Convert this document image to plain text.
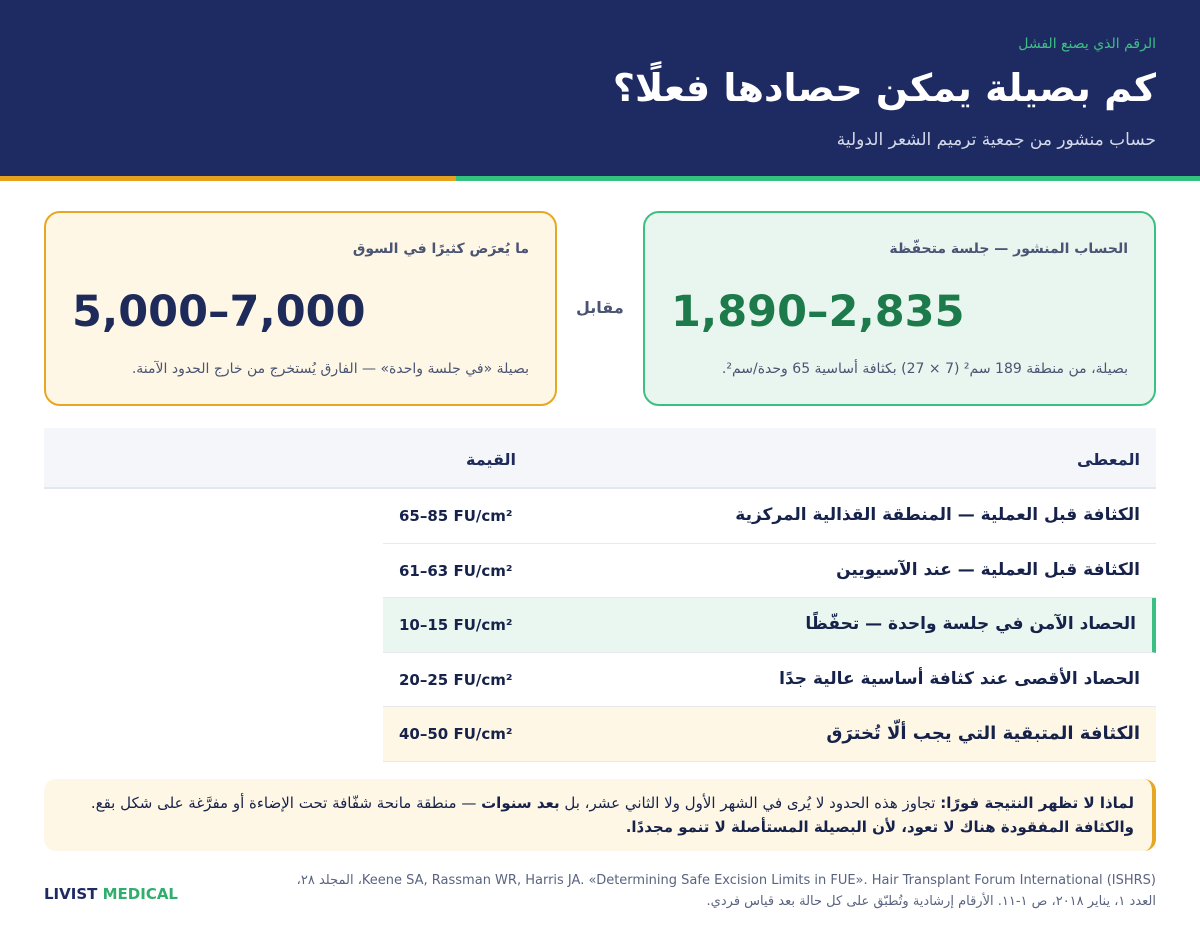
الرقم الذي يصنع الفشل
كم بصيلة يمكن حصادها فعلًا؟
حساب منشور من جمعية ترميم الشعر الدولية
الحساب المنشور — جلسة متحفّظة
1,890–2,835
بصيلة، من منطقة 189 سم² (7 × 27) بكثافة أساسية 65 وحدة/سم².
مقابل
ما يُعرَض كثيرًا في السوق
5,000–7,000
بصيلة «في جلسة واحدة» — الفارق يُستخرج من خارج الحدود الآمنة.
المعطى
القيمة
الكثافة قبل العملية — المنطقة القذالية المركزية
65–85 FU/cm²
الكثافة قبل العملية — عند الآسيويين
61–63 FU/cm²
الحصاد الآمن في جلسة واحدة — تحفّظًا
10–15 FU/cm²
الحصاد الأقصى عند كثافة أساسية عالية جدًا
20–25 FU/cm²
الكثافة المتبقية التي يجب ألّا تُخترَق
40–50 FU/cm²
لماذا لا تظهر النتيجة فورًا: تجاوز هذه الحدود لا يُرى في الشهر الأول ولا الثاني عشر، بل بعد سنوات — منطقة مانحة شفّافة تحت الإضاءة أو مفرَّغة على شكل بقع. والكثافة المفقودة هناك لا تعود، لأن البصيلة المستأصلة لا تنمو مجددًا.
Keene SA, Rassman WR, Harris JA. «Determining Safe Excision Limits in FUE». Hair Transplant Forum International (ISHRS)، المجلد ٢٨، العدد ١، يناير ٢٠١٨، ص ١-١١. الأرقام إرشادية وتُطبّق على كل حالة بعد قياس فردي.
LIVIST MEDICAL
